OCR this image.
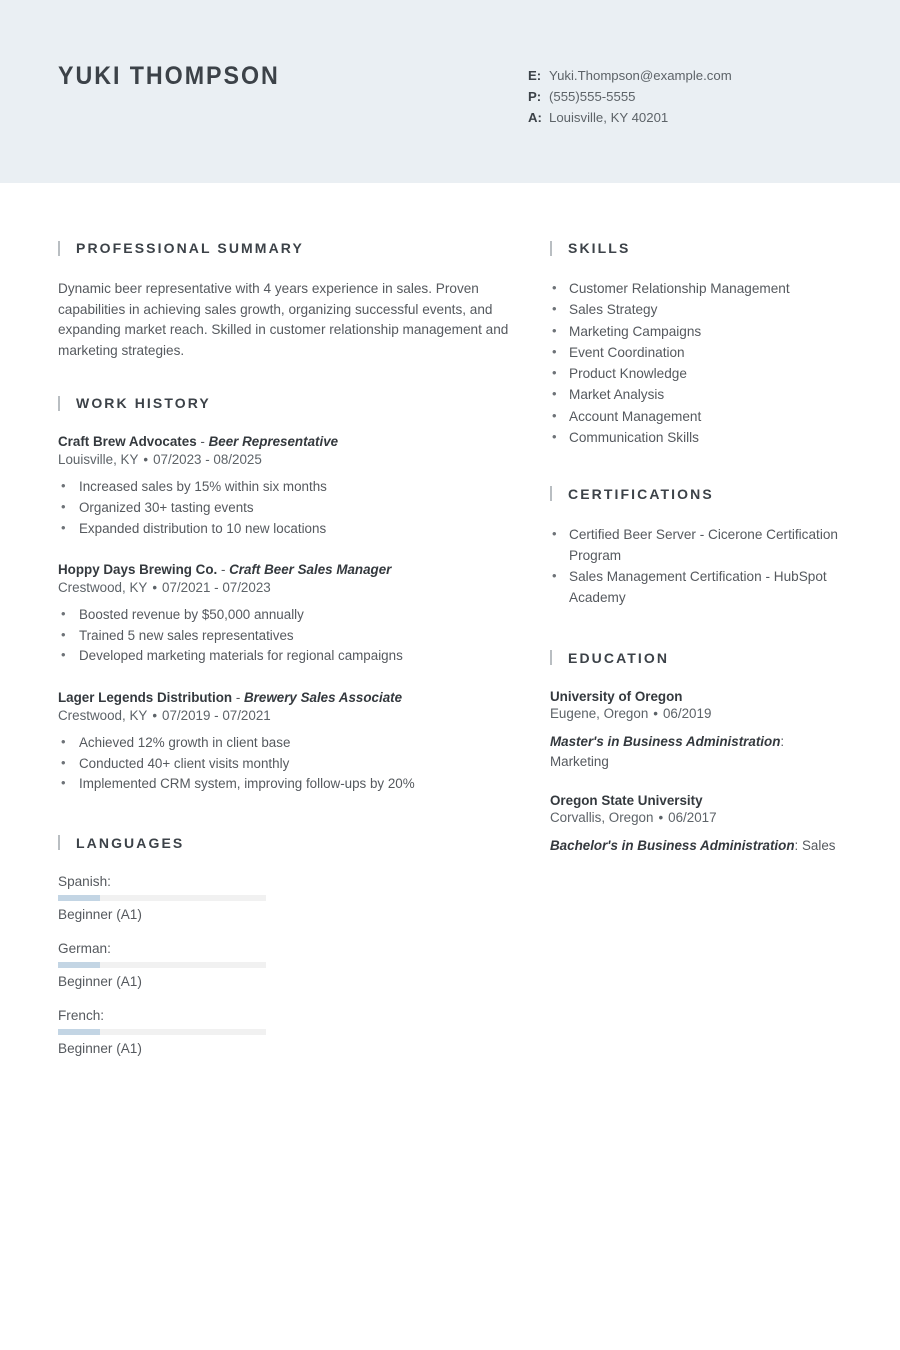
YUKI THOMPSON	E: Yuki.Thompson@example.com
P: (555)555-5555
A: Louisville, KY 40201
PROFESSIONAL SUMMARY
Dynamic beer representative with 4 years experience in sales. Proven capabilities in achieving sales growth, organizing successful events, and expanding market reach. Skilled in customer relationship management and marketing strategies.
WORK HISTORY
Craft Brew Advocates - Beer Representative
Louisville, KY • 07/2023 - 08/2025
• Increased sales by 15% within six months
• Organized 30+ tasting events
• Expanded distribution to 10 new locations
Hoppy Days Brewing Co. - Craft Beer Sales Manager
Crestwood, KY • 07/2021 - 07/2023
• Boosted revenue by $50,000 annually
• Trained 5 new sales representatives
• Developed marketing materials for regional campaigns
Lager Legends Distribution - Brewery Sales Associate
Crestwood, KY • 07/2019 - 07/2021
• Achieved 12% growth in client base
• Conducted 40+ client visits monthly
• Implemented CRM system, improving follow-ups by 20%
LANGUAGES
Spanish:
Beginner (A1)
German:
Beginner (A1)
French:
Beginner (A1)
SKILLS
• Customer Relationship Management
• Sales Strategy
• Marketing Campaigns
• Event Coordination
• Product Knowledge
• Market Analysis
• Account Management
• Communication Skills
CERTIFICATIONS
• Certified Beer Server - Cicerone Certification Program
• Sales Management Certification - HubSpot Academy
EDUCATION
University of Oregon
Eugene, Oregon • 06/2019
Master's in Business Administration: Marketing
Oregon State University
Corvallis, Oregon • 06/2017
Bachelor's in Business Administration: Sales
